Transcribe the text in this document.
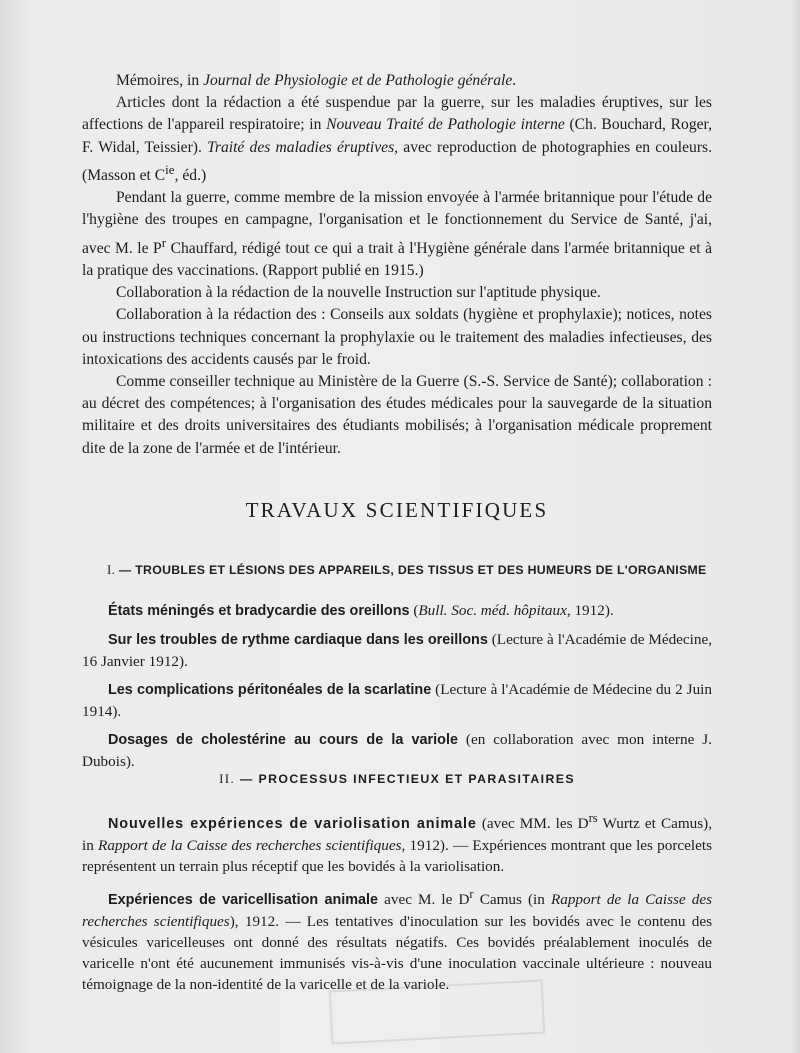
Mémoires, in Journal de Physiologie et de Pathologie générale.

Articles dont la rédaction a été suspendue par la guerre, sur les maladies éruptives, sur les affections de l'appareil respiratoire; in Nouveau Traité de Pathologie interne (Ch. Bouchard, Roger, F. Widal, Teissier). Traité des maladies éruptives, avec reproduction de photographies en couleurs. (Masson et $C^{ie}$, éd.)

Pendant la guerre, comme membre de la mission envoyée à l'armée britannique pour l'étude de l'hygiène des troupes en campagne, l'organisation et le fonctionnement du Service de Santé, j'ai, avec M. le $P^r$ Chauffard, rédigé tout ce qui a trait à l'Hygiène générale dans l'armée britannique et à la pratique des vaccinations. (Rapport publié en 1915.)

Collaboration à la rédaction de la nouvelle Instruction sur l'aptitude physique.

Collaboration à la rédaction des : Conseils aux soldats (hygiène et prophylaxie); notices, notes ou instructions techniques concernant la prophylaxie ou le traitement des maladies infectieuses, des intoxications des accidents causés par le froid.

Comme conseiller technique au Ministère de la Guerre (S.-S. Service de Santé); collaboration : au décret des compétences; à l'organisation des études médicales pour la sauvegarde de la situation militaire et des droits universitaires des étudiants mobilisés; à l'organisation médicale proprement dite de la zone de l'armée et de l'intérieur.

TRAVAUX SCIENTIFIQUES
I. — TROUBLES ET LÉSIONS DES APPAREILS, DES TISSUS ET DES HUMEURS DE L'ORGANISME

États méningés et bradycardie des oreillons (Bull. Soc. méd. hôpitaux, 1912).

Sur les troubles de rythme cardiaque dans les oreillons (Lecture à l'Académie de Médecine, 16 Janvier 1912).

Les complications péritonéales de la scarlatine (Lecture à l'Académie de Médecine du 2 Juin 1914).

Dosages de cholestérine au cours de la variole (en collaboration avec mon interne J. Dubois).

II. — PROCESSUS INFECTIEUX ET PARASITAIRES

Nouvelles expériences de variolisation animale (avec MM. les $D^{rs}$ Wurtz et Camus), in Rapport de la Caisse des recherches scientifiques, 1912). — Expériences montrant que les porcelets représentent un terrain plus réceptif que les bovidés à la variolisation.

Expériences de varicellisation animale avec M. le $D^r$ Camus (in Rapport de la Caisse des recherches scientifiques), 1912. — Les tentatives d'inoculation sur les bovidés avec le contenu des vésicules varicelleuses ont donné des résultats négatifs. Ces bovidés préalablement inoculés de varicelle n'ont été aucunement immunisés vis-à-vis d'une inoculation vaccinale ultérieure : nouveau témoignage de la non-identité de la varicelle et de la variole.
